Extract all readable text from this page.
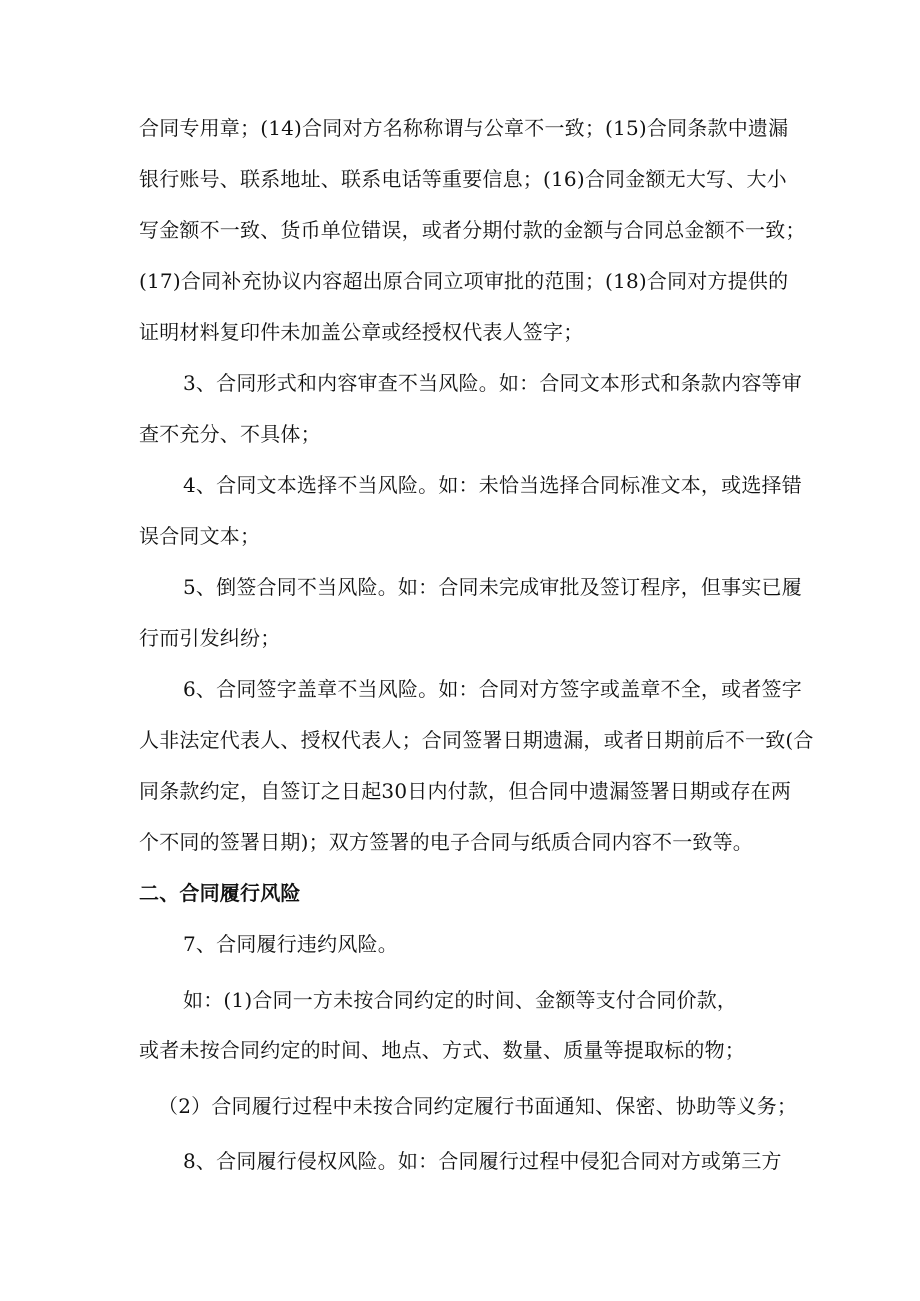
合同专用章；(14)合同对方名称称谓与公章不一致；(15)合同条款中遗漏
银行账号、联系地址、联系电话等重要信息；(16)合同金额无大写、大小
写金额不一致、货币单位错误，或者分期付款的金额与合同总金额不一致；
(17)合同补充协议内容超出原合同立项审批的范围；(18)合同对方提供的
证明材料复印件未加盖公章或经授权代表人签字；
3、合同形式和内容审查不当风险。如：合同文本形式和条款内容等审
查不充分、不具体；
4、合同文本选择不当风险。如：未恰当选择合同标准文本，或选择错
误合同文本；
5、倒签合同不当风险。如：合同未完成审批及签订程序，但事实已履
行而引发纠纷；
6、合同签字盖章不当风险。如：合同对方签字或盖章不全，或者签字
人非法定代表人、授权代表人；合同签署日期遗漏，或者日期前后不一致(合
同条款约定，自签订之日起30日内付款，但合同中遗漏签署日期或存在两
个不同的签署日期)；双方签署的电子合同与纸质合同内容不一致等。
二、合同履行风险
7、合同履行违约风险。
如：(1)合同一方未按合同约定的时间、金额等支付合同价款，
或者未按合同约定的时间、地点、方式、数量、质量等提取标的物；
（2）合同履行过程中未按合同约定履行书面通知、保密、协助等义务；
8、合同履行侵权风险。如：合同履行过程中侵犯合同对方或第三方
